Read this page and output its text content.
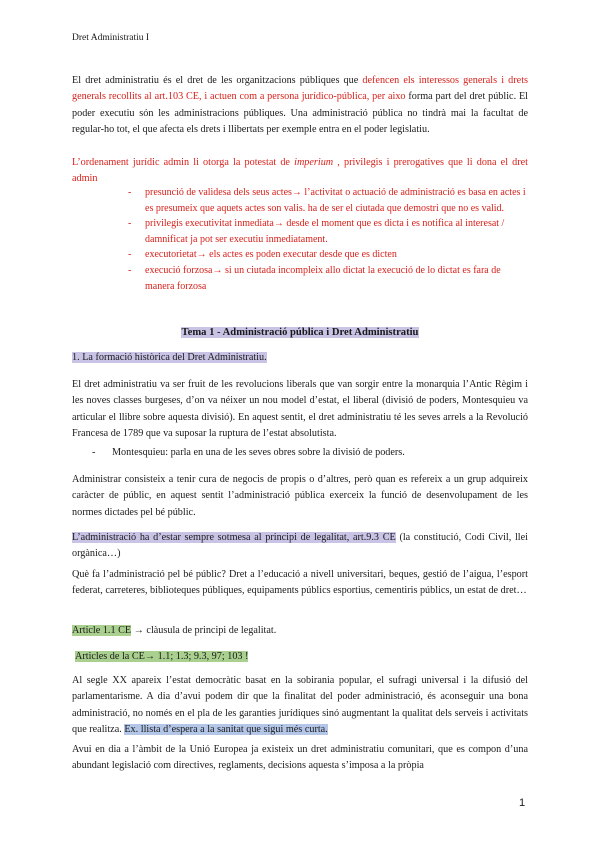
Dret Administratiu I
El dret administratiu és el dret de les organitzacions públiques que defencen els interessos generals i drets generals recollits al art.103 CE, i actuen com a persona jurídico-pública, per aixo forma part del dret públic. El poder executiu són les administracions públiques. Una administració pública no tindrà mai la facultat de regular-ho tot, el que afecta els drets i llibertats per exemple entra en el poder legislatiu.
L’ordenament jurídic admin li otorga la potestat de imperium , privilegis i prerogatives que li dona el dret admin
- presunció de validesa dels seus actes→ l’activitat o actuació de administració es basa en actes i es presumeix que aquets actes son valis. ha de ser el ciutada que demostri que no es valid.
- privilegis executivitat inmediata→ desde el moment que es dicta i es notifica al interesat / damnificat ja pot ser executiu inmediatament.
- executorietat→ els actes es poden executar desde que es dicten
- execució forzosa→ si un ciutada incompleix allo dictat la execució de lo dictat es fara de manera forzosa
Tema 1 - Administració pública i Dret Administratiu
1. La formació històrica del Dret Administratiu.
El dret administratiu va ser fruit de les revolucions liberals que van sorgir entre la monarquia l’Antic Règim i les noves classes burgeses, d’on va néixer un nou model d’estat, el liberal (divisió de poders, Montesquieu va articular el llibre sobre aquesta divisió). En aquest sentit, el dret administratiu té les seves arrels a la Revolució Francesa de 1789 que va suposar la ruptura de l’estat absolutista.
- Montesquieu: parla en una de les seves obres sobre la divisió de poders.
Administrar consisteix a tenir cura de negocis de propis o d’altres, però quan es refereix a un grup adquireix caràcter de públic, en aquest sentit l’administració pública exerceix la funció de desenvolupament de les normes dictades pel bé públic.
L’administració ha d’estar sempre sotmesa al principi de legalitat, art.9.3 CE (la constitució, Codi Civil, llei orgànica…)
Què fa l’administració pel bé públic? Dret a l’educació a nivell universitari, beques, gestió de l’aigua, l’esport federat, carreteres, biblioteques públiques, equipaments públics esportius, cementiris públics, un estat de dret…
Article 1.1 CE → clàusula de principi de legalitat.
Articles de la CE→ 1.1; 1.3; 9.3, 97; 103 !
Al segle XX apareix l’estat democràtic basat en la sobirania popular, el sufragi universal i la difusió del parlamentarisme. A dia d’avui podem dir que la finalitat del poder administració, és aconseguir una bona administració, no només en el pla de les garanties jurídiques sinó augmentant la qualitat dels serveis i activitats que realitza. Ex. llista d’espera a la sanitat que sigui més curta.
Avui en dia a l’àmbit de la Unió Europea ja existeix un dret administratiu comunitari, que es compon d’una abundant legislació com directives, reglaments, decisions aquesta s’imposa a la pròpia
1
